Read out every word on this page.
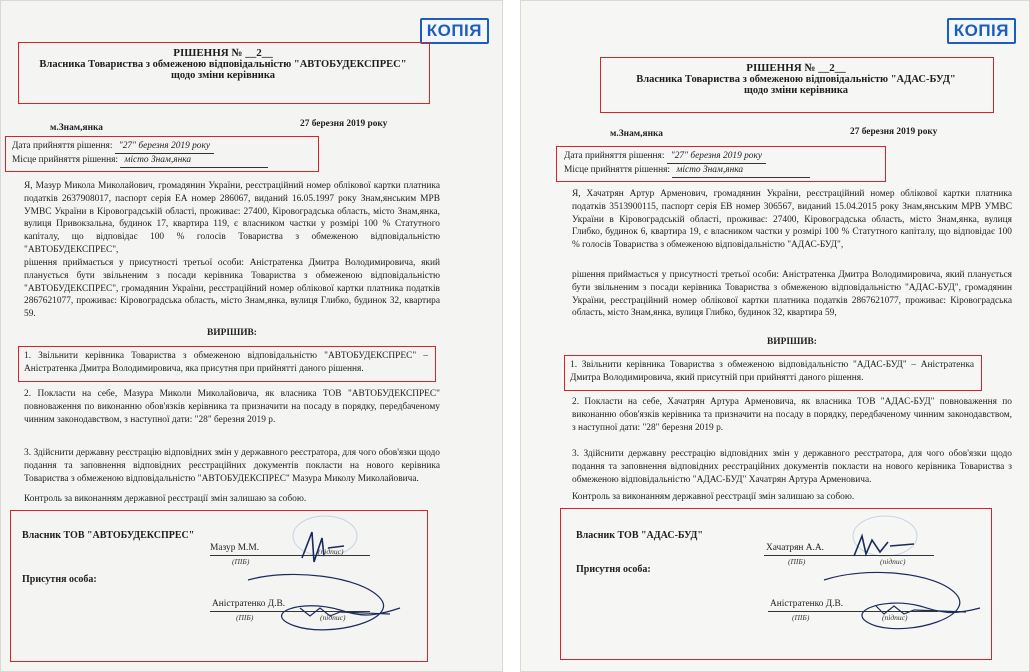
КОПІЯ
РІШЕННЯ № __2__
Власника Товариства з обмеженою відповідальністю "АВТОБУДЕКСПРЕС"
щодо зміни керівника
м.Знам,янка	27 березня 2019 року
Дата прийняття рішення: "27" березня 2019 року
Місце прийняття рішення: місто Знам,янка
Я, Мазур Микола Миколайович, громадянин України, реєстраційний номер облікової картки платника податків 2637908017, паспорт серія ЕА номер 286067, виданий 16.05.1997 року Знам,янським МРВ УМВС України в Кіровоградській області, проживає: 27400, Кіровоградська область, місто Знам,янка, вулиця Привокзальна, будинок 17, квартира 119, є власником частки у розмірі 100 % Статутного капіталу, що відповідає 100 % голосів Товариства з обмеженою відповідальністю "АВТОБУДЕКСПРЕС",
рішення приймається у присутності третьої особи: Аністратенка Дмитра Володимировича, який планується бути звільненим з посади керівника Товариства з обмеженою відповідальністю "АВТОБУДЕКСПРЕС", громадянин України, реєстраційний номер облікової картки платника податків 2867621077, проживає: Кіровоградська область, місто Знам,янка, вулиця Глибко, будинок 32, квартира 59.
ВИРІШИВ:
1. Звільнити керівника Товариства з обмеженою відповідальністю "АВТОБУДЕКСПРЕС" – Аністратенка Дмитра Володимировича, яка присутня при прийнятті даного рішення.
2. Покласти на себе, Мазура Миколи Миколайовича, як власника ТОВ "АВТОБУДЕКСПРЕС" повноваження по виконанню обов'язків керівника та призначити на посаду в порядку, передбаченому чинним законодавством, з наступної дати: "28" березня 2019 р.
3. Здійснити державну реєстрацію відповідних змін у державного реєстратора, для чого обов'язки щодо подання та заповнення відповідних реєстраційних документів покласти на нового керівника Товариства з обмеженою відповідальністю "АВТОБУДЕКСПРЕС" Мазура Миколу Миколайовича.
Контроль за виконанням державної реєстрації змін залишаю за собою.
Власник ТОВ "АВТОБУДЕКСПРЕС"
Мазур М.М.
(ПІБ)
(підпис)
Присутня особа:
Аністратенко Д.В.
(ПІБ)	(підпис)
КОПІЯ
РІШЕННЯ № __2__
Власника Товариства з обмеженою відповідальністю "АДАС-БУД"
щодо зміни керівника
м.Знам,янка	27 березня 2019 року
Дата прийняття рішення: "27" березня 2019 року
Місце прийняття рішення: місто Знам,янка
Я, Хачатрян Артур Арменович, громадянин України, реєстраційний номер облікової картки платника податків 3513900115, паспорт серія ЕВ номер 306567, виданий 15.04.2015 року Знам,янським МРВ УМВС України в Кіровоградській області, проживає: 27400, Кіровоградська область, місто Знам,янка, вулиця Глибко, будинок 6, квартира 19, є власником частки у розмірі 100 % Статутного капіталу, що відповідає 100 % голосів Товариства з обмеженою відповідальністю "АДАС-БУД",
рішення приймається у присутності третьої особи: Аністратенка Дмитра Володимировича, який планується бути звільненим з посади керівника Товариства з обмеженою відповідальністю "АДАС-БУД", громадянин України, реєстраційний номер облікової картки платника податків 2867621077, проживає: Кіровоградська область, місто Знам,янка, вулиця Глибко, будинок 32, квартира 59,
ВИРІШИВ:
1. Звільнити керівника Товариства з обмеженою відповідальністю "АДАС-БУД" – Аністратенка Дмитра Володимировича, який присутній при прийнятті даного рішення.
2. Покласти на себе, Хачатрян Артура Арменовича, як власника ТОВ "АДАС-БУД" повноваження по виконанню обов'язків керівника та призначити на посаду в порядку, передбаченому чинним законодавством, з наступної дати: "28" березня 2019 р.
3. Здійснити державну реєстрацію відповідних змін у державного реєстратора, для чого обов'язки щодо подання та заповнення відповідних реєстраційних документів покласти на нового керівника Товариства з обмеженою відповідальністю "АДАС-БУД" Хачатрян Артура Арменовича.
Контроль за виконанням державної реєстрації змін залишаю за собою.
Власник ТОВ "АДАС-БУД"
Хачатрян А.А.
(ПІБ)	(підпис)
Присутня особа:
Аністратенко Д.В.
(ПІБ)	(підпис)
